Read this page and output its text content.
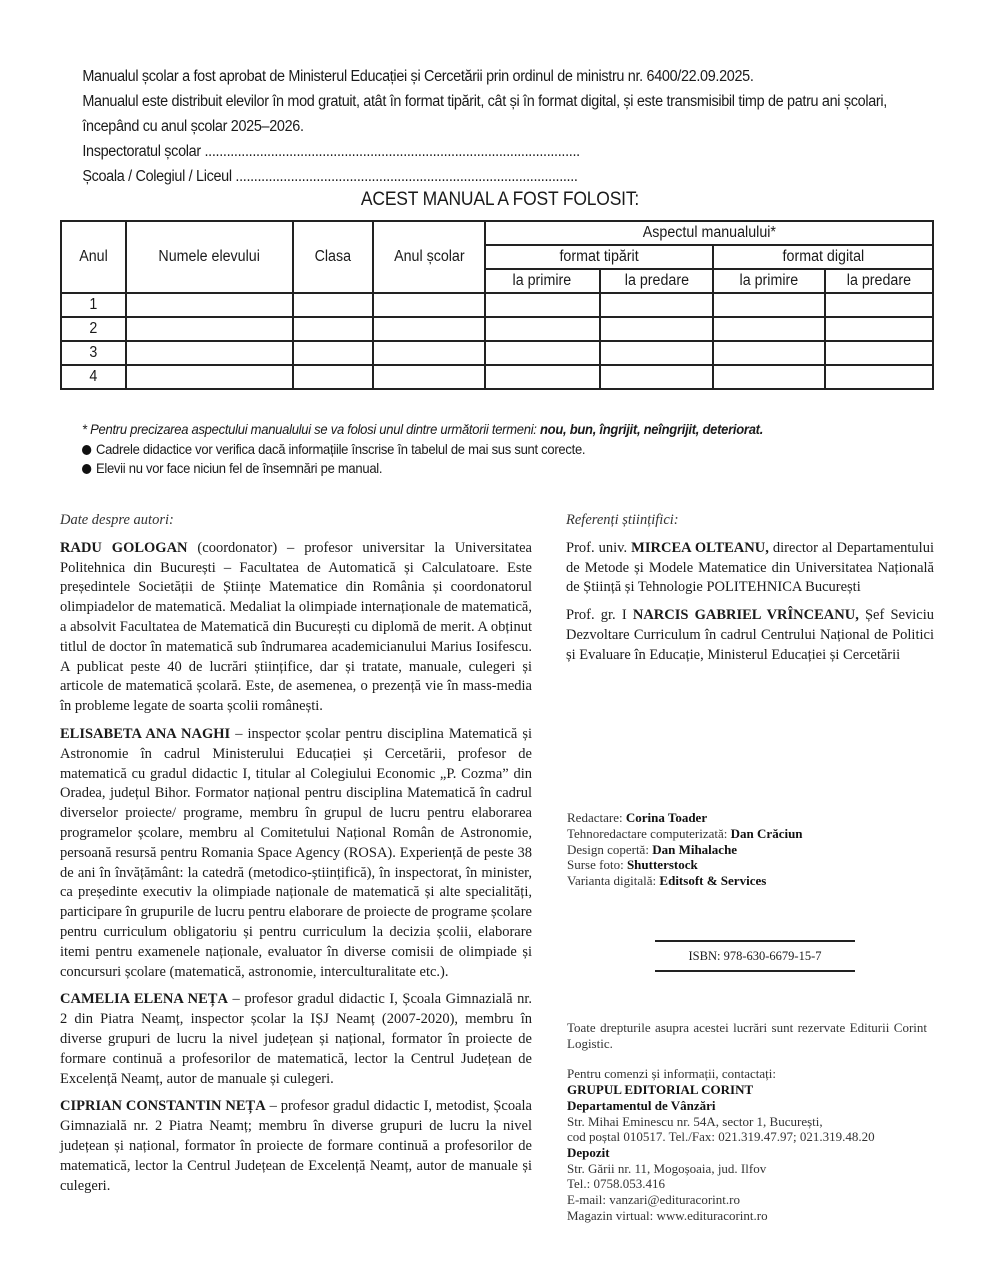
Manualul școlar a fost aprobat de Ministerul Educației și Cercetării prin ordinul de ministru nr. 6400/22.09.2025.

Manualul este distribuit elevilor în mod gratuit, atât în format tipărit, cât și în format digital, și este transmisibil timp de patru ani școlari, începând cu anul școlar 2025–2026.

Inspectoratul școlar ......................................................................................................

Școala / Colegiul / Liceul .............................................................................................

ACEST MANUAL A FOST FOLOSIT:
Anul	Numele elevului	Clasa	Anul școlar	Aspectul manualului*			
				format tipărit		format digital	
				la primire	la predare	la primire	la predare
1							
2							
3							
4							

* Pentru precizarea aspectului manualului se va folosi unul dintre următorii termeni: nou, bun, îngrijit, neîngrijit, deteriorat.

Cadrele didactice vor verifica dacă informațiile înscrise în tabelul de mai sus sunt corecte.

Elevii nu vor face niciun fel de însemnări pe manual.

Date despre autori:

RADU GOLOGAN (coordonator) – profesor universitar la Universitatea Politehnica din București – Facultatea de Automatică și Calculatoare. Este președintele Societății de Științe Matematice din România și coordonatorul olimpiadelor de matematică. Medaliat la olimpiade internaționale de matematică, a absolvit Facultatea de Matematică din București cu diplomă de merit. A obținut titlul de doctor în matematică sub îndrumarea academicianului Marius Iosifescu. A publicat peste 40 de lucrări științifice, dar și tratate, manuale, culegeri și articole de matematică școlară. Este, de asemenea, o prezență vie în mass-media în probleme legate de soarta școlii românești.

ELISABETA ANA NAGHI – inspector școlar pentru disciplina Matematică și Astronomie în cadrul Ministerului Educației și Cercetării, profesor de matematică cu gradul didactic I, titular al Colegiului Economic „P. Cozma” din Oradea, județul Bihor. Formator național pentru disciplina Matematică în cadrul diverselor proiecte/ programe, membru în grupul de lucru pentru elaborarea programelor școlare, membru al Comitetului Național Român de Astronomie, persoană resursă pentru Romania Space Agency (ROSA). Experiență de peste 38 de ani în învățământ: la catedră (metodico-științifică), în inspectorat, în minister, ca președinte executiv la olimpiade naționale de matematică și alte specialități, participare în grupurile de lucru pentru elaborare de proiecte de programe școlare pentru curriculum obligatoriu și pentru curriculum la decizia școlii, elaborare itemi pentru examenele naționale, evaluator în diverse comisii de olimpiade și concursuri școlare (matematică, astronomie, interculturalitate etc.).

CAMELIA ELENA NEȚA – profesor gradul didactic I, Școala Gimnazială nr. 2 din Piatra Neamț, inspector școlar la IȘJ Neamț (2007-2020), membru în diverse grupuri de lucru la nivel județean și național, formator în proiecte de formare continuă a profesorilor de matematică, lector la Centrul Județean de Excelență Neamț, autor de manuale și culegeri.

CIPRIAN CONSTANTIN NEȚA – profesor gradul didactic I, metodist, Școala Gimnazială nr. 2 Piatra Neamț; membru în diverse grupuri de lucru la nivel județean și național, formator în proiecte de formare continuă a profesorilor de matematică, lector la Centrul Județean de Excelență Neamț, autor de manuale și culegeri.

Referenți științifici:

Prof. univ. MIRCEA OLTEANU, director al Departamentului de Metode și Modele Matematice din Universitatea Națională de Știință și Tehnologie POLITEHNICA București

Prof. gr. I NARCIS GABRIEL VRÎNCEANU, Șef Seviciu Dezvoltare Curriculum în cadrul Centrului Național de Politici și Evaluare în Educație, Ministerul Educației și Cercetării

Redactare: Corina Toader
Tehnoredactare computerizată: Dan Crăciun
Design copertă: Dan Mihalache
Surse foto: Shutterstock
Varianta digitală: Editsoft & Services
ISBN: 978-630-6679-15-7

Toate drepturile asupra acestei lucrări sunt rezervate Editurii Corint Logistic.

Pentru comenzi și informații, contactați:

GRUPUL EDITORIAL CORINT

Departamentul de Vânzări

Str. Mihai Eminescu nr. 54A, sector 1, București,

cod poștal 010517. Tel./Fax: 021.319.47.97; 021.319.48.20

Depozit

Str. Gării nr. 11, Mogoșoaia, jud. Ilfov

Tel.: 0758.053.416

E-mail: vanzari@edituracorint.ro

Magazin virtual: www.edituracorint.ro
